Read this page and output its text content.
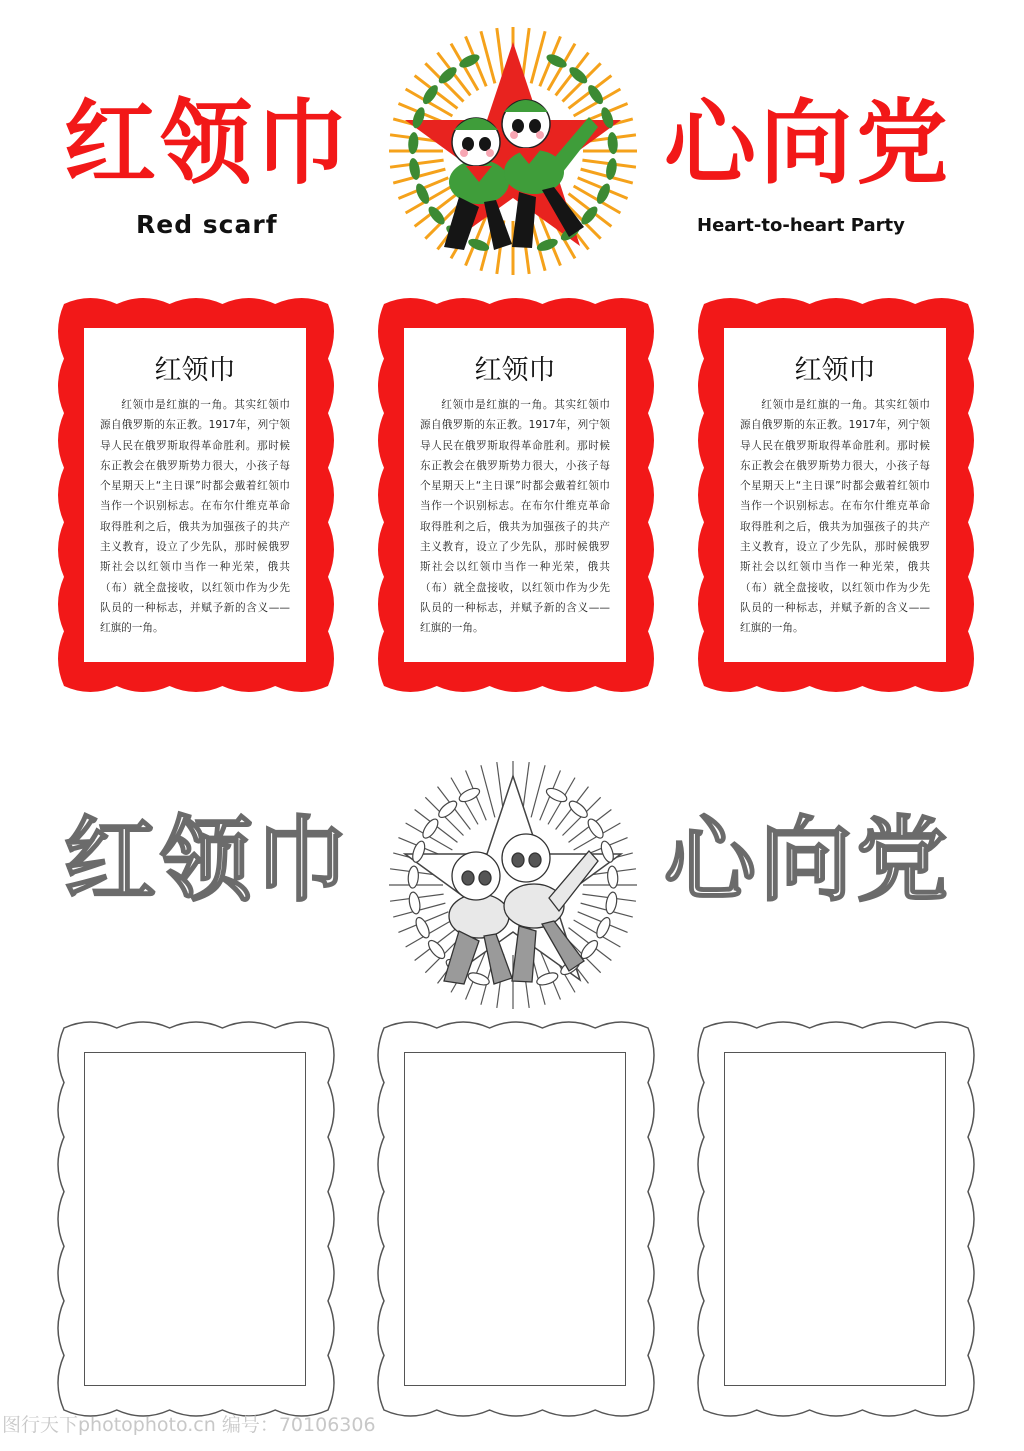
红领巾	心向党
Red scarf	Heart-to-heart Party
红领巾
红领巾是红旗的一角。其实红领巾源自俄罗斯的东正教。1917年，列宁领导人民在俄罗斯取得革命胜利。那时候东正教会在俄罗斯势力很大，小孩子每个星期天上“主日课”时都会戴着红领巾当作一个识别标志。在布尔什维克革命取得胜利之后，俄共为加强孩子的共产主义教育，设立了少先队，那时候俄罗斯社会以红领巾当作一种光荣，俄共（布）就全盘接收，以红领巾作为少先队员的一种标志，并赋予新的含义——红旗的一角。
红领巾
红领巾是红旗的一角。其实红领巾源自俄罗斯的东正教。1917年，列宁领导人民在俄罗斯取得革命胜利。那时候东正教会在俄罗斯势力很大，小孩子每个星期天上“主日课”时都会戴着红领巾当作一个识别标志。在布尔什维克革命取得胜利之后，俄共为加强孩子的共产主义教育，设立了少先队，那时候俄罗斯社会以红领巾当作一种光荣，俄共（布）就全盘接收，以红领巾作为少先队员的一种标志，并赋予新的含义——红旗的一角。
红领巾
红领巾是红旗的一角。其实红领巾源自俄罗斯的东正教。1917年，列宁领导人民在俄罗斯取得革命胜利。那时候东正教会在俄罗斯势力很大，小孩子每个星期天上“主日课”时都会戴着红领巾当作一个识别标志。在布尔什维克革命取得胜利之后，俄共为加强孩子的共产主义教育，设立了少先队，那时候俄罗斯社会以红领巾当作一种光荣，俄共（布）就全盘接收，以红领巾作为少先队员的一种标志，并赋予新的含义——红旗的一角。
红领巾	心向党
图行天下photophoto.cn 编号：70106306
